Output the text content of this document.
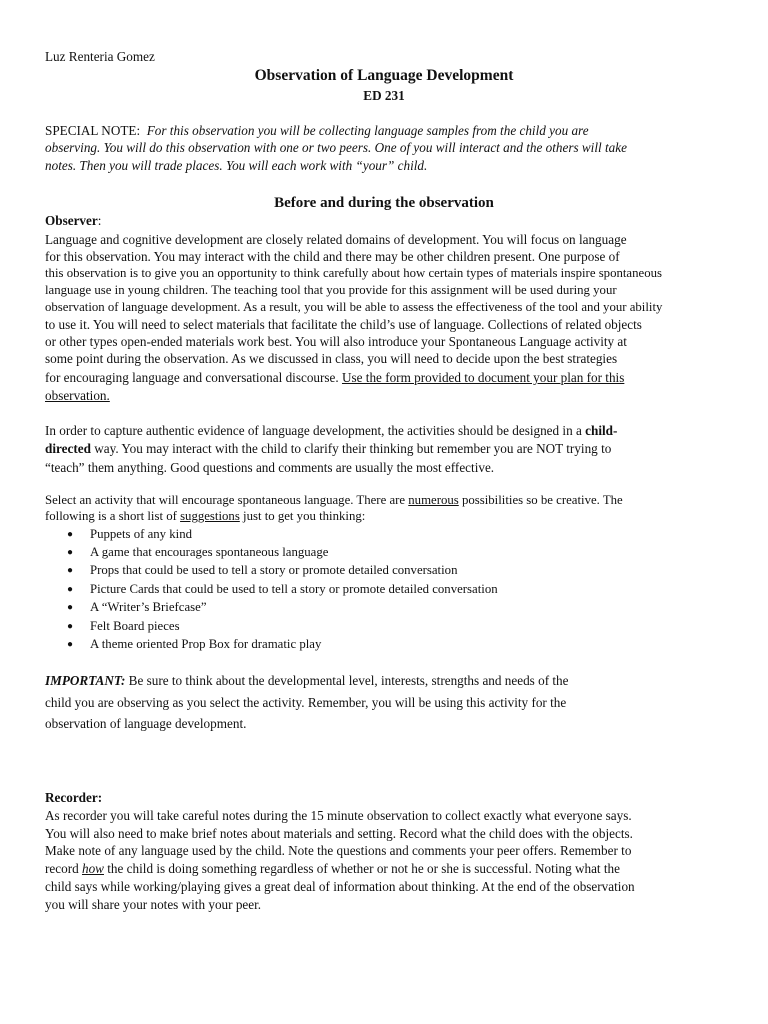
Luz Renteria Gomez
Observation of Language Development
ED 231
SPECIAL NOTE: For this observation you will be collecting language samples from the child you are
observing. You will do this observation with one or two peers. One of you will interact and the others will take
notes. Then you will trade places. You will each work with “your” child.
Before and during the observation
Observer:
Language and cognitive development are closely related domains of development. You will focus on language
for this observation. You may interact with the child and there may be other children present. One purpose of
this observation is to give you an opportunity to think carefully about how certain types of materials inspire spontaneous
language use in young children. The teaching tool that you provide for this assignment will be used during your
observation of language development. As a result, you will be able to assess the effectiveness of the tool and your ability
to use it. You will need to select materials that facilitate the child’s use of language. Collections of related objects
or other types open-ended materials work best. You will also introduce your Spontaneous Language activity at
some point during the observation. As we discussed in class, you will need to decide upon the best strategies
for encouraging language and conversational discourse. Use the form provided to document your plan for this
observation.
In order to capture authentic evidence of language development, the activities should be designed in a child-
directed way. You may interact with the child to clarify their thinking but remember you are NOT trying to
“teach” them anything. Good questions and comments are usually the most effective.
Select an activity that will encourage spontaneous language. There are numerous possibilities so be creative. The
following is a short list of suggestions just to get you thinking:
● Puppets of any kind
● A game that encourages spontaneous language
● Props that could be used to tell a story or promote detailed conversation
● Picture Cards that could be used to tell a story or promote detailed conversation
● A “Writer’s Briefcase”
● Felt Board pieces
● A theme oriented Prop Box for dramatic play
IMPORTANT: Be sure to think about the developmental level, interests, strengths and needs of the
child you are observing as you select the activity. Remember, you will be using this activity for the
observation of language development.
Recorder:
As recorder you will take careful notes during the 15 minute observation to collect exactly what everyone says.
You will also need to make brief notes about materials and setting. Record what the child does with the objects.
Make note of any language used by the child. Note the questions and comments your peer offers. Remember to
record how the child is doing something regardless of whether or not he or she is successful. Noting what the
child says while working/playing gives a great deal of information about thinking. At the end of the observation
you will share your notes with your peer.
